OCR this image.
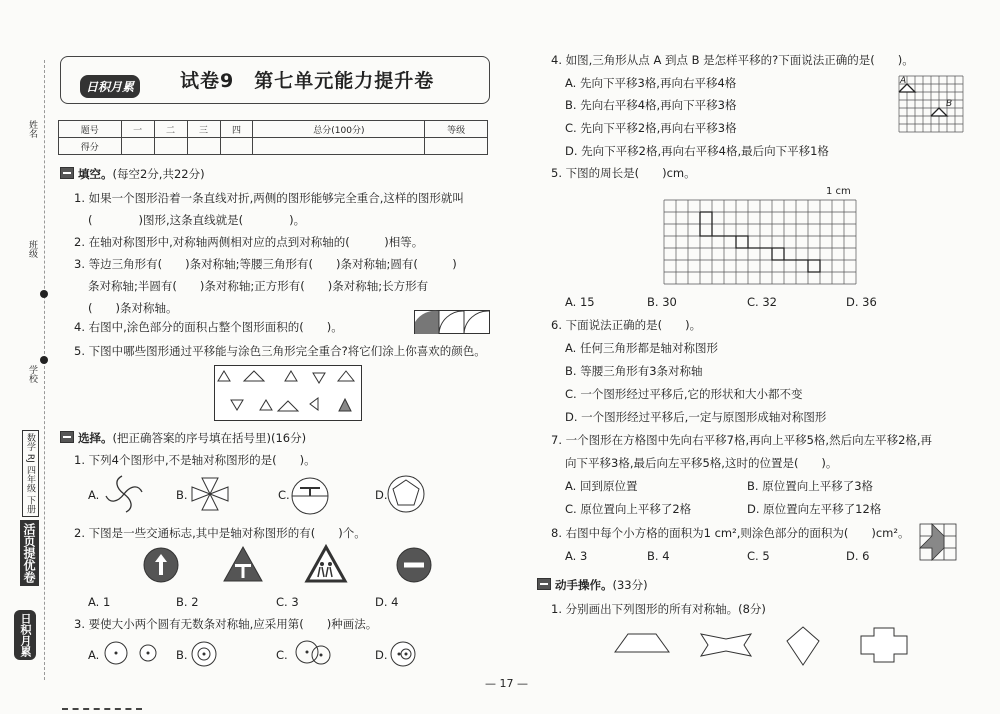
姓名
班级
学校
活页提优卷
数学 RJ 四年级 下册
日积月累
日积月累	试卷9　第七单元能力提升卷
题号	一	二	三	四	总分(100分)	等级
得分						
填空。(每空2分,共22分)
1. 如果一个图形沿着一条直线对折,两侧的图形能够完全重合,这样的图形就叫
(　　　　)图形,这条直线就是(　　　　)。
2. 在轴对称图形中,对称轴两侧相对应的点到对称轴的(　　　)相等。
3. 等边三角形有(　　)条对称轴;等腰三角形有(　　)条对称轴;圆有(　　　)
条对称轴;半圆有(　　)条对称轴;正方形有(　　)条对称轴;长方形有
(　　)条对称轴。
4. 右图中,涂色部分的面积占整个图形面积的(　　)。
5. 下图中哪些图形通过平移能与涂色三角形完全重合?将它们涂上你喜欢的颜色。
选择。(把正确答案的序号填在括号里)(16分)
1. 下列4个图形中,不是轴对称图形的是(　　)。
A.	B.	C.	D.
2. 下图是一些交通标志,其中是轴对称图形的有(　　)个。
A. 1	B. 2	C. 3	D. 4
3. 要使大小两个圆有无数条对称轴,应采用第(　　)种画法。
A.	B.	C.	D.
4. 如图,三角形从点 A 到点 B 是怎样平移的?下面说法正确的是(　　)。
A. 先向下平移3格,再向右平移4格
B. 先向右平移4格,再向下平移3格
C. 先向下平移2格,再向右平移3格
D. 先向下平移2格,再向右平移4格,最后向下平移1格
A
B
5. 下图的周长是(　　)cm。
1 cm
A. 15	B. 30	C. 32	D. 36
6. 下面说法正确的是(　　)。
A. 任何三角形都是轴对称图形
B. 等腰三角形有3条对称轴
C. 一个图形经过平移后,它的形状和大小都不变
D. 一个图形经过平移后,一定与原图形成轴对称图形
7. 一个图形在方格图中先向右平移7格,再向上平移5格,然后向左平移2格,再
向下平移3格,最后向左平移5格,这时的位置是(　　)。
A. 回到原位置	B. 原位置向上平移了3格
C. 原位置向上平移了2格	D. 原位置向左平移了12格
8. 右图中每个小方格的面积为1 cm²,则涂色部分的面积为(　　)cm²。
A. 3	B. 4	C. 5	D. 6
动手操作。(33分)
1. 分别画出下列图形的所有对称轴。(8分)
— 17 —
